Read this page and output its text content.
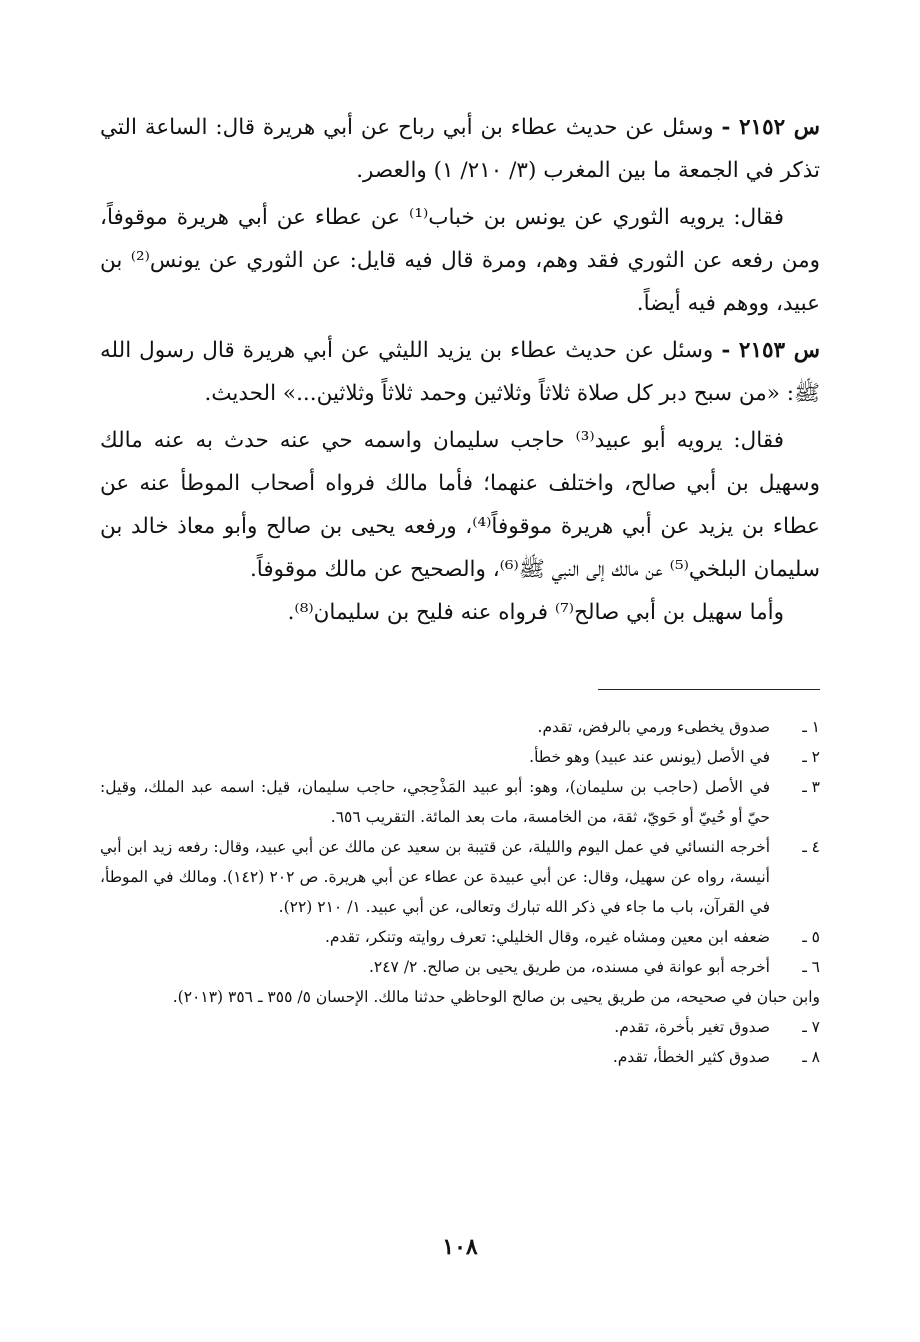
س ٢١٥٢ - وسئل عن حديث عطاء بن أبي رباح عن أبي هريرة قال: الساعة التي تذكر في الجمعة ما بين المغرب (٣/ ٢١٠/ ١) والعصر.

فقال: يرويه الثوري عن يونس بن خباب⁽¹⁾ عن عطاء عن أبي هريرة موقوفاً، ومن رفعه عن الثوري فقد وهم، ومرة قال فيه قايل: عن الثوري عن يونس⁽²⁾ بن عبيد، ووهم فيه أيضاً.

س ٢١٥٣ - وسئل عن حديث عطاء بن يزيد الليثي عن أبي هريرة قال رسول الله ﷺ: «من سبح دبر كل صلاة ثلاثاً وثلاثين وحمد ثلاثاً وثلاثين...» الحديث.

فقال: يرويه أبو عبيد⁽³⁾ حاجب سليمان واسمه حي عنه حدث به عنه مالك وسهيل بن أبي صالح، واختلف عنهما؛ فأما مالك فرواه أصحاب الموطأ عنه عن عطاء بن يزيد عن أبي هريرة موقوفاً⁽⁴⁾، ورفعه يحيى بن صالح وأبو معاذ خالد بن سليمان البلخي⁽⁵⁾ عن مالك إلى النبي ﷺ⁽⁶⁾، والصحيح عن مالك موقوفاً.

وأما سهيل بن أبي صالح⁽⁷⁾ فرواه عنه فليح بن سليمان⁽⁸⁾.

١ ـ
صدوق يخطىء ورمي بالرفض، تقدم.
٢ ـ
في الأصل (يونس عند عبيد) وهو خطأ.
٣ ـ
في الأصل (حاجب بن سليمان)، وهو: أبو عبيد المَذْحِجي، حاجب سليمان، قيل: اسمه عبد الملك، وقيل: حيّ أو حُييّ أو حَويّ، ثقة، من الخامسة، مات بعد المائة. التقريب ٦٥٦.
٤ ـ
أخرجه النسائي في عمل اليوم والليلة، عن قتيبة بن سعيد عن مالك عن أبي عبيد، وقال: رفعه زيد ابن أبي أنيسة، رواه عن سهيل، وقال: عن أبي عبيدة عن عطاء عن أبي هريرة. ص ٢٠٢ (١٤٢). ومالك في الموطأ، في القرآن، باب ما جاء في ذكر الله تبارك وتعالى، عن أبي عبيد. ١/ ٢١٠ (٢٢).
٥ ـ
ضعفه ابن معين ومشاه غيره، وقال الخليلي: تعرف روايته وتنكر، تقدم.
٦ ـ
أخرجه أبو عوانة في مسنده، من طريق يحيى بن صالح. ٢/ ٢٤٧.
وابن حبان في صحيحه، من طريق يحيى بن صالح الوحاظي حدثنا مالك. الإحسان ٥/ ٣٥٥ ـ ٣٥٦ (٢٠١٣).
٧ ـ
صدوق تغير بأخرة، تقدم.
٨ ـ
صدوق كثير الخطأ، تقدم.
١٠٨
